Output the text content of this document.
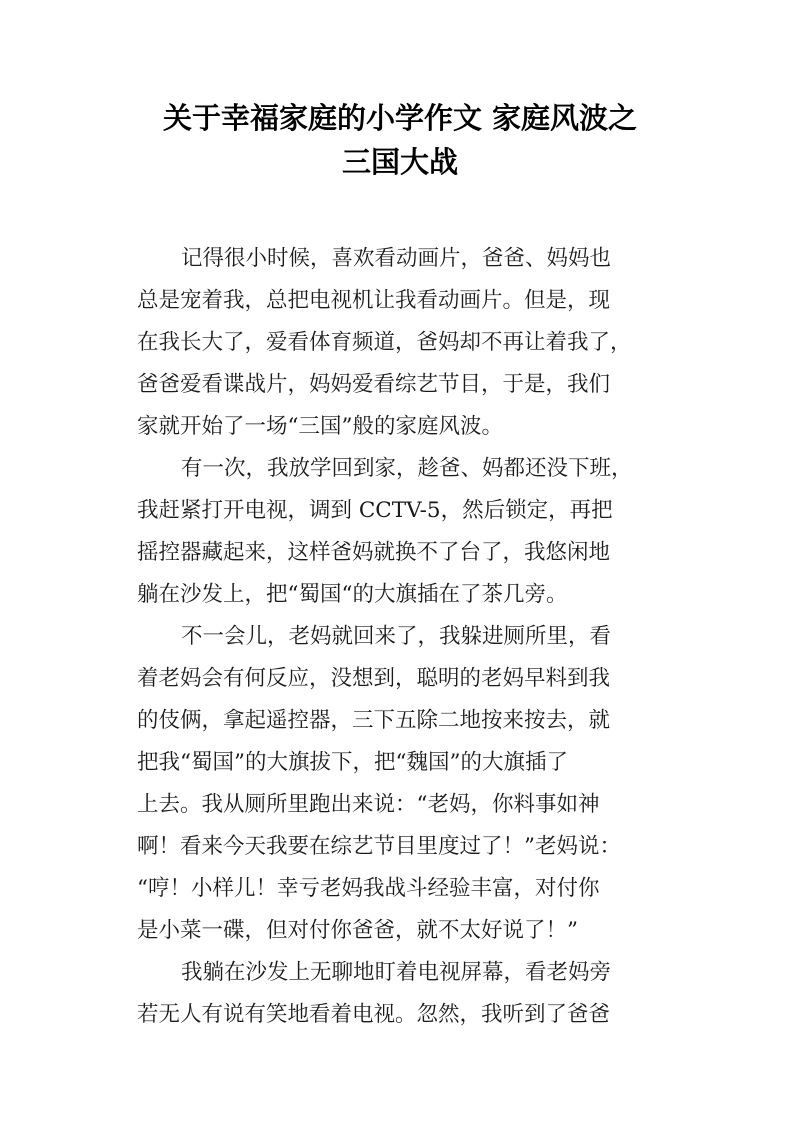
关于幸福家庭的小学作文 家庭风波之
三国大战
记得很小时候，喜欢看动画片，爸爸、妈妈也
总是宠着我，总把电视机让我看动画片。但是，现
在我长大了，爱看体育频道，爸妈却不再让着我了，
爸爸爱看谍战片，妈妈爱看综艺节目，于是，我们
家就开始了一场“三国”般的家庭风波。
有一次，我放学回到家，趁爸、妈都还没下班，
我赶紧打开电视，调到 CCTV-5，然后锁定，再把
摇控器藏起来，这样爸妈就换不了台了，我悠闲地
躺在沙发上，把“蜀国“的大旗插在了茶几旁。
不一会儿，老妈就回来了，我躲进厕所里，看
着老妈会有何反应，没想到，聪明的老妈早料到我
的伎俩，拿起遥控器，三下五除二地按来按去，就
把我“蜀国”的大旗拔下，把“魏国”的大旗插了
上去。我从厕所里跑出来说：“老妈，你料事如神
啊！看来今天我要在综艺节目里度过了！”老妈说：
“哼！小样儿！幸亏老妈我战斗经验丰富，对付你
是小菜一碟，但对付你爸爸，就不太好说了！”
我躺在沙发上无聊地盯着电视屏幕，看老妈旁
若无人有说有笑地看着电视。忽然，我听到了爸爸
